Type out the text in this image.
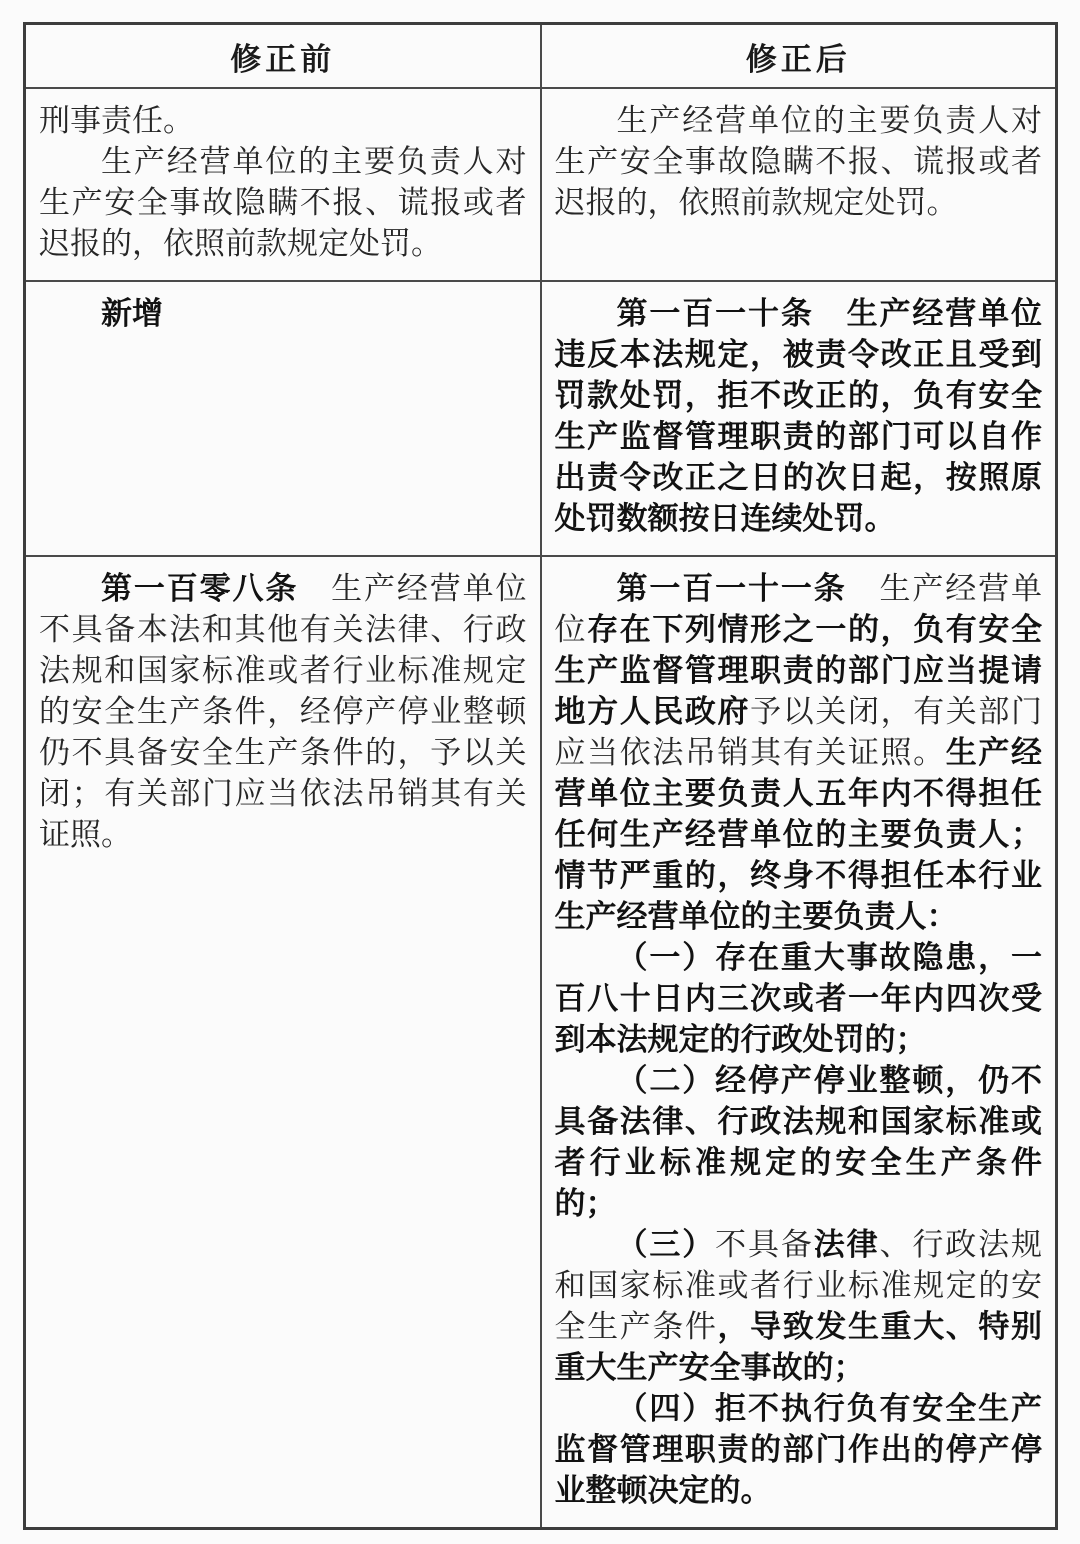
修正前	修正后

刑事责任。

生产经营单位的主要负责人对生产安全事故隐瞒不报、谎报或者迟报的，依照前款规定处罚。	生产经营单位的主要负责人对生产安全事故隐瞒不报、谎报或者迟报的，依照前款规定处罚。

新增	第一百一十条　生产经营单位违反本法规定，被责令改正且受到罚款处罚，拒不改正的，负有安全生产监督管理职责的部门可以自作出责令改正之日的次日起，按照原处罚数额按日连续处罚。

第一百零八条　生产经营单位不具备本法和其他有关法律、行政法规和国家标准或者行业标准规定的安全生产条件，经停产停业整顿仍不具备安全生产条件的，予以关闭；有关部门应当依法吊销其有关证照。	第一百一十一条　生产经营单位存在下列情形之一的，负有安全生产监督管理职责的部门应当提请地方人民政府予以关闭，有关部门应当依法吊销其有关证照。生产经营单位主要负责人五年内不得担任任何生产经营单位的主要负责人；情节严重的，终身不得担任本行业生产经营单位的主要负责人：

（一）存在重大事故隐患，一百八十日内三次或者一年内四次受到本法规定的行政处罚的；

（二）经停产停业整顿，仍不具备法律、行政法规和国家标准或者行业标准规定的安全生产条件的；

（三）不具备法律、行政法规和国家标准或者行业标准规定的安全生产条件，导致发生重大、特别重大生产安全事故的；

（四）拒不执行负有安全生产监督管理职责的部门作出的停产停业整顿决定的。
